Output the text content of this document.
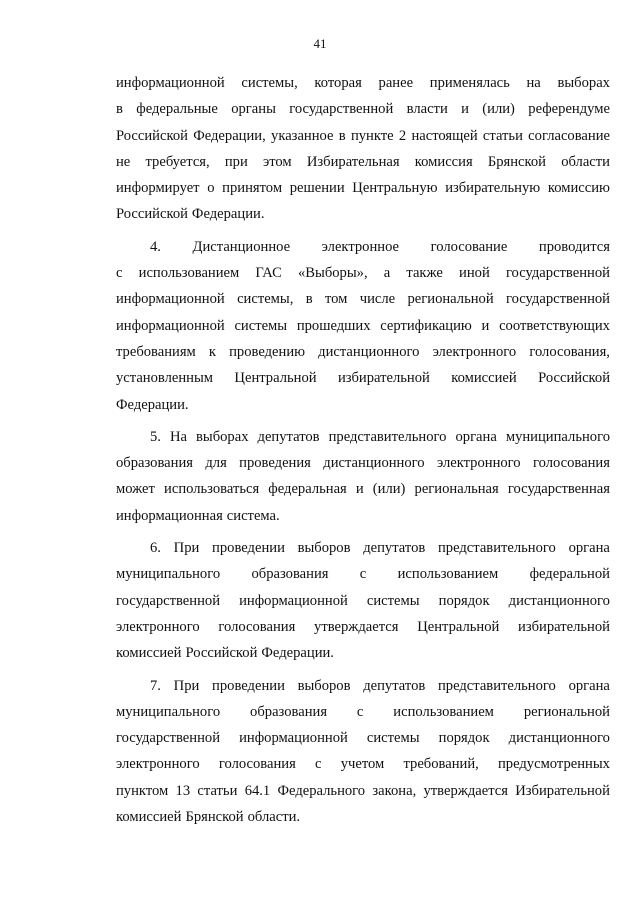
41
информационной системы, которая ранее применялась на выборах
в федеральные органы государственной власти и (или) референдуме
Российской Федерации, указанное в пункте 2 настоящей статьи согласование
не требуется, при этом Избирательная комиссия Брянской области
информирует о принятом решении Центральную избирательную комиссию
Российской Федерации.
4. Дистанционное электронное голосование проводится
с использованием ГАС «Выборы», а также иной государственной
информационной системы, в том числе региональной государственной
информационной системы прошедших сертификацию и соответствующих
требованиям к проведению дистанционного электронного голосования,
установленным Центральной избирательной комиссией Российской
Федерации.
5. На выборах депутатов представительного органа муниципального
образования для проведения дистанционного электронного голосования
может использоваться федеральная и (или) региональная государственная
информационная система.
6. При проведении выборов депутатов представительного органа
муниципального образования с использованием федеральной
государственной информационной системы порядок дистанционного
электронного голосования утверждается Центральной избирательной
комиссией Российской Федерации.
7. При проведении выборов депутатов представительного органа
муниципального образования с использованием региональной
государственной информационной системы порядок дистанционного
электронного голосования с учетом требований, предусмотренных
пунктом 13 статьи 64.1 Федерального закона, утверждается Избирательной
комиссией Брянской области.
